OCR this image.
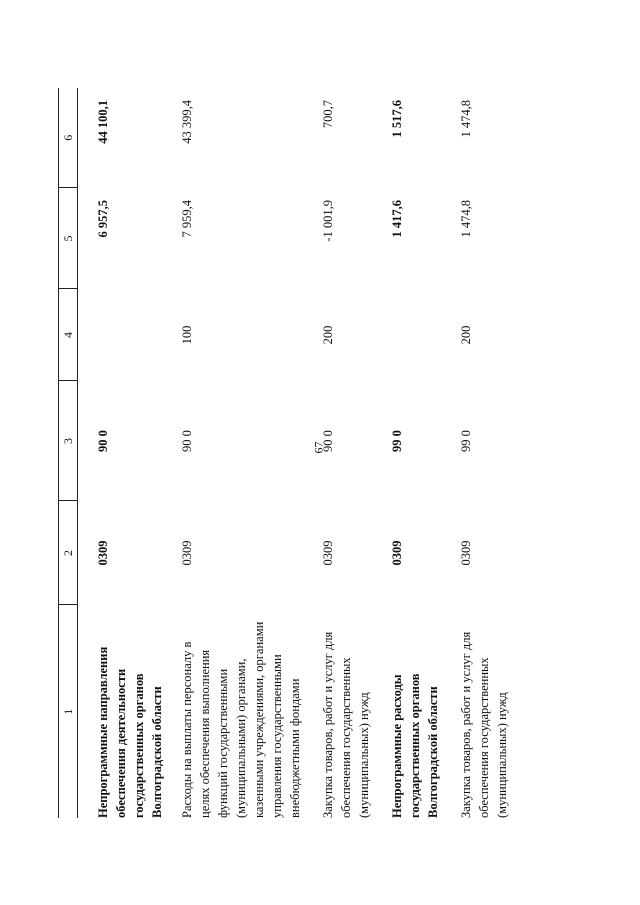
67
1	2	3	4	5	6
Непрограммные направления обеспечения деятельности государственных органов Волгоградской области	0309	90 0		6 957,5	44 100,1
Расходы на выплаты персоналу в целях обеспечения выполнения функций государственными (муниципальными) органами, казенными учреждениями, органами управления государственными внебюджетными фондами	0309	90 0	100	7 959,4	43 399,4
Закупка товаров, работ и услуг для обеспечения государственных (муниципальных) нужд	0309	90 0	200	-1 001,9	700,7
Непрограммные расходы государственных органов Волгоградской области	0309	99 0		1 417,6	1 517,6
Закупка товаров, работ и услуг для обеспечения государственных (муниципальных) нужд	0309	99 0	200	1 474,8	1 474,8
